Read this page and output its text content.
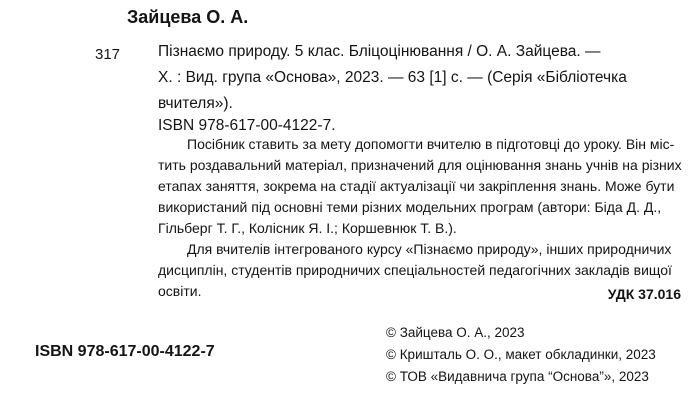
Зайцева О. А.
317 Пізнаємо природу. 5 клас. Бліцоцінювання / О. А. Зайцева. —
Х. : Вид. група «Основа», 2023. — 63 [1] с. — (Серія «Бібліотечка
вчителя»).
ISBN 978-617-00-4122-7.
Посібник ставить за мету допомогти вчителю в підготовці до уроку. Він міс-
тить роздавальний матеріал, призначений для оцінювання знань учнів на різних
етапах заняття, зокрема на стадії актуалізації чи закріплення знань. Може бути
використаний під основні теми різних модельних програм (автори: Біда Д. Д.,
Гільберг Т. Г., Колісник Я. І.; Коршевнюк Т. В.).
Для вчителів інтегрованого курсу «Пізнаємо природу», інших природничих
дисциплін, студентів природничих спеціальностей педагогічних закладів вищої
освіти.	УДК 37.016
ISBN 978-617-00-4122-7
© Зайцева О. А., 2023
© Кришталь О. О., макет обкладинки, 2023
© ТОВ «Видавнича група “Основа”», 2023
